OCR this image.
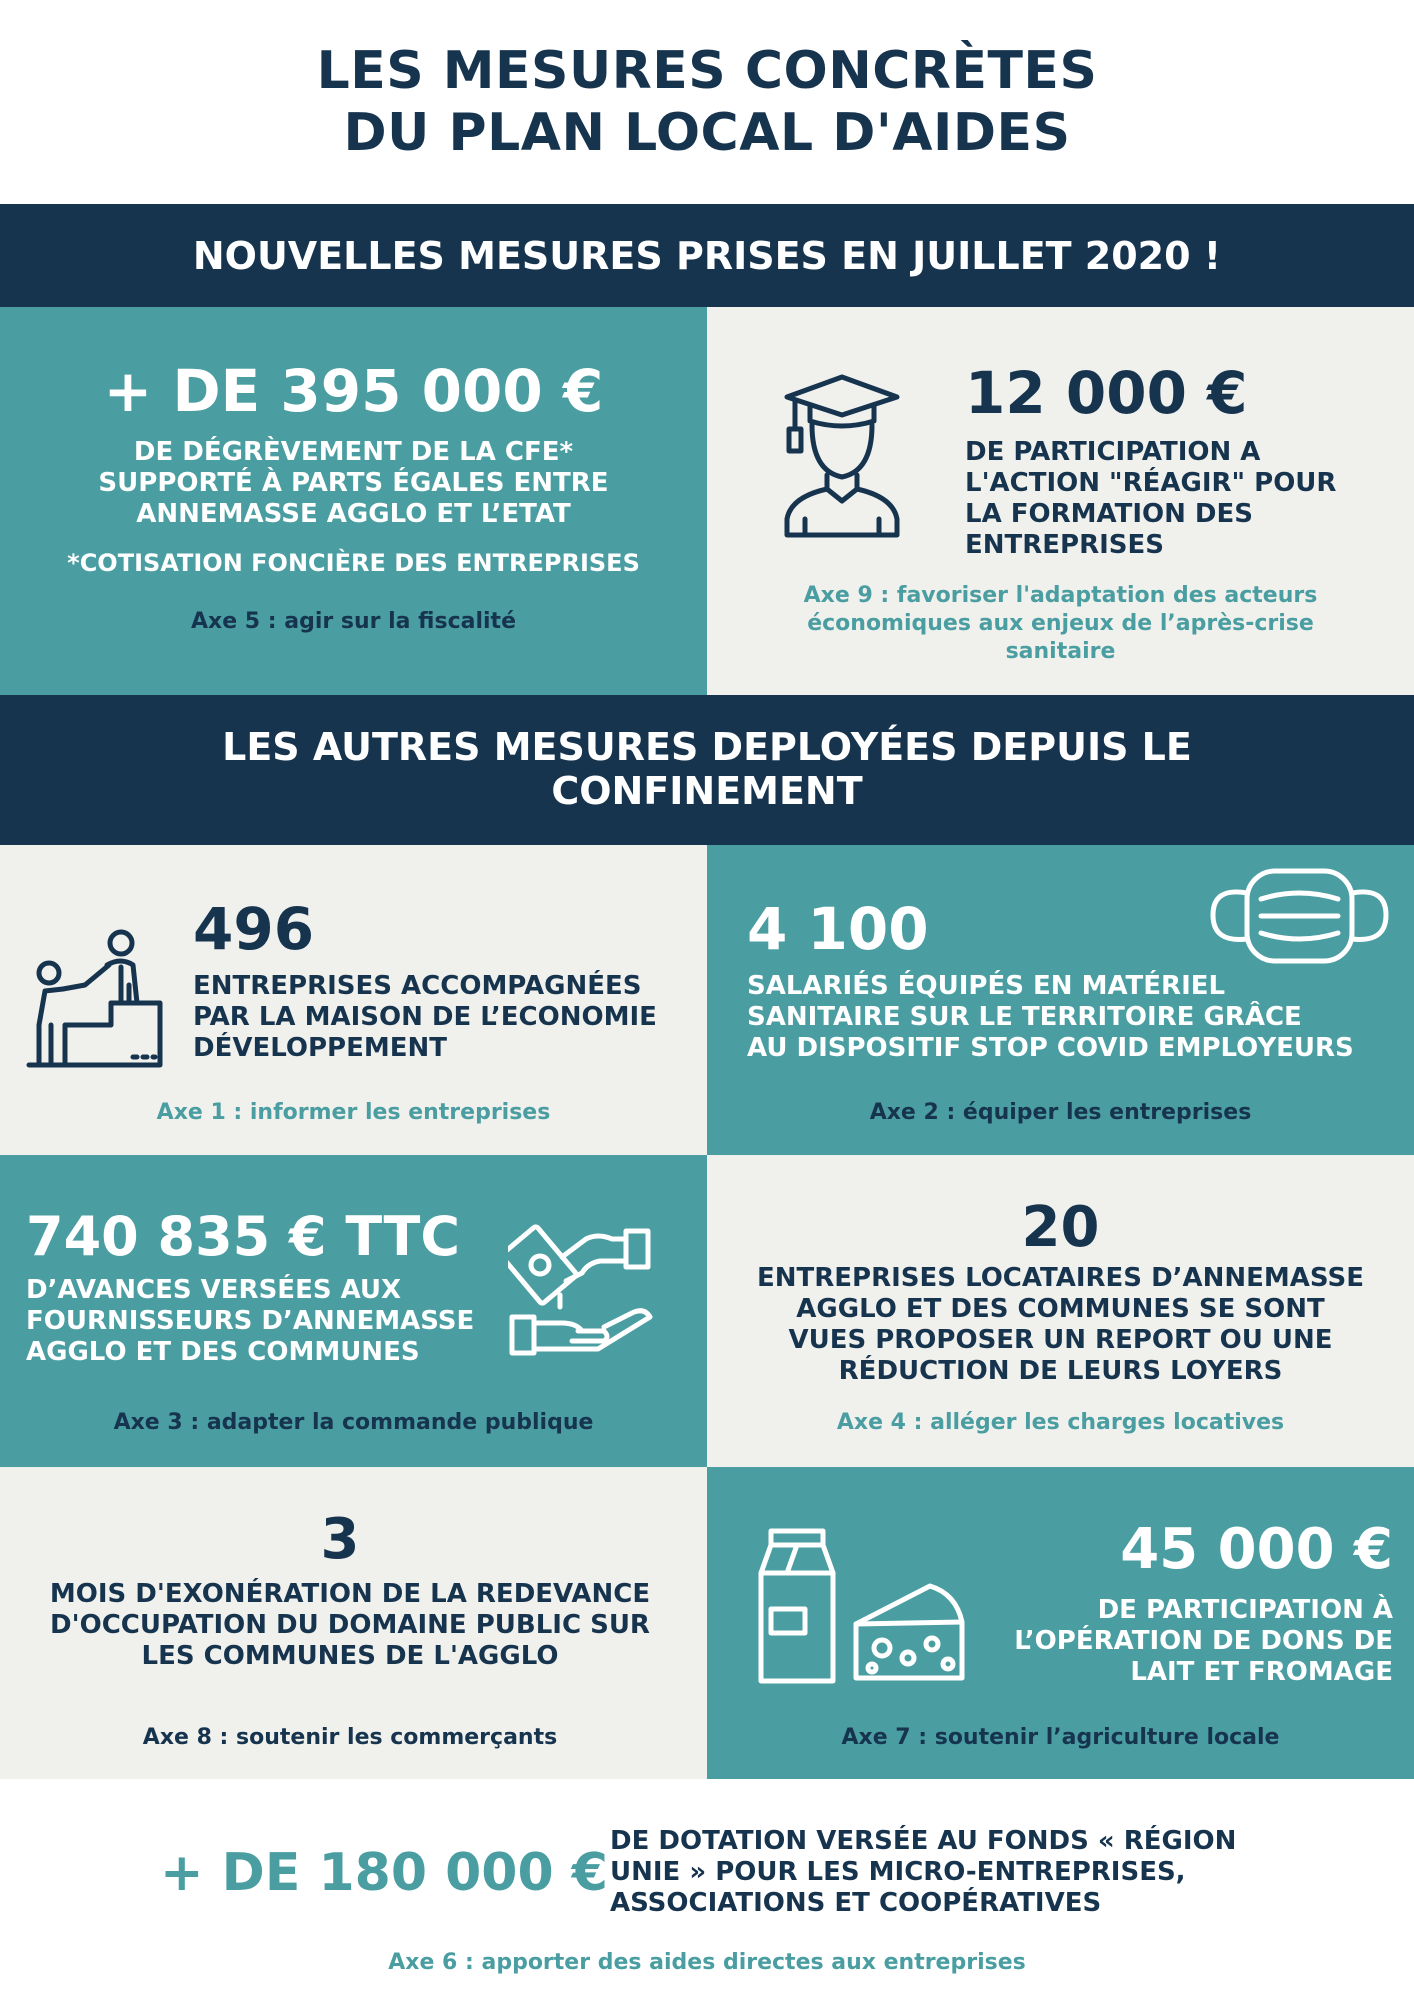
LES MESURES CONCRÈTES
DU PLAN LOCAL D'AIDES
NOUVELLES MESURES PRISES EN JUILLET 2020 !
+ DE 395 000 €
DE DÉGRÈVEMENT DE LA CFE*
SUPPORTÉ À PARTS ÉGALES ENTRE
ANNEMASSE AGGLO ET L’ETAT
*COTISATION FONCIÈRE DES ENTREPRISES
Axe 5 : agir sur la fiscalité
12 000 €
DE PARTICIPATION A
L'ACTION "RÉAGIR" POUR
LA FORMATION DES
ENTREPRISES
Axe 9 : favoriser l'adaptation des acteurs
économiques aux enjeux de l’après-crise
sanitaire
LES AUTRES MESURES DEPLOYÉES DEPUIS LE
CONFINEMENT
496
ENTREPRISES ACCOMPAGNÉES
PAR LA MAISON DE L’ECONOMIE
DÉVELOPPEMENT
Axe 1 : informer les entreprises
4 100
SALARIÉS ÉQUIPÉS EN MATÉRIEL
SANITAIRE SUR LE TERRITOIRE GRÂCE
AU DISPOSITIF STOP COVID EMPLOYEURS
Axe 2 : équiper les entreprises
740 835 € TTC
D’AVANCES VERSÉES AUX
FOURNISSEURS D’ANNEMASSE
AGGLO ET DES COMMUNES
Axe 3 : adapter la commande publique
20
ENTREPRISES LOCATAIRES D’ANNEMASSE
AGGLO ET DES COMMUNES SE SONT
VUES PROPOSER UN REPORT OU UNE
RÉDUCTION DE LEURS LOYERS
Axe 4 : alléger les charges locatives
3
MOIS D'EXONÉRATION DE LA REDEVANCE
D'OCCUPATION DU DOMAINE PUBLIC SUR
LES COMMUNES DE L'AGGLO
Axe 8 : soutenir les commerçants
45 000 €
DE PARTICIPATION À
L’OPÉRATION DE DONS DE
LAIT ET FROMAGE
Axe 7 : soutenir l’agriculture locale
+ DE 180 000 €
DE DOTATION VERSÉE AU FONDS « RÉGION
UNIE » POUR LES MICRO-ENTREPRISES,
ASSOCIATIONS ET COOPÉRATIVES
Axe 6 : apporter des aides directes aux entreprises
